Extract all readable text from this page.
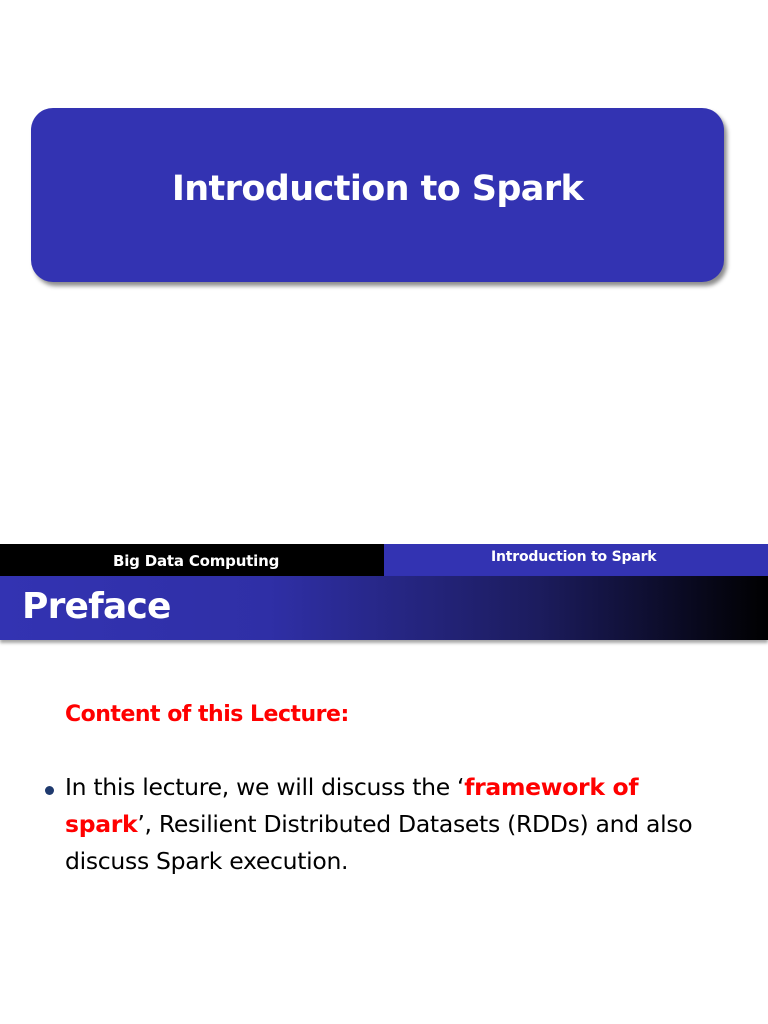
Introduction to Spark
Big Data Computing	Introduction to Spark
Preface
Content of this Lecture:
In this lecture, we will discuss the ‘framework of
spark’, Resilient Distributed Datasets (RDDs) and also
discuss Spark execution.
